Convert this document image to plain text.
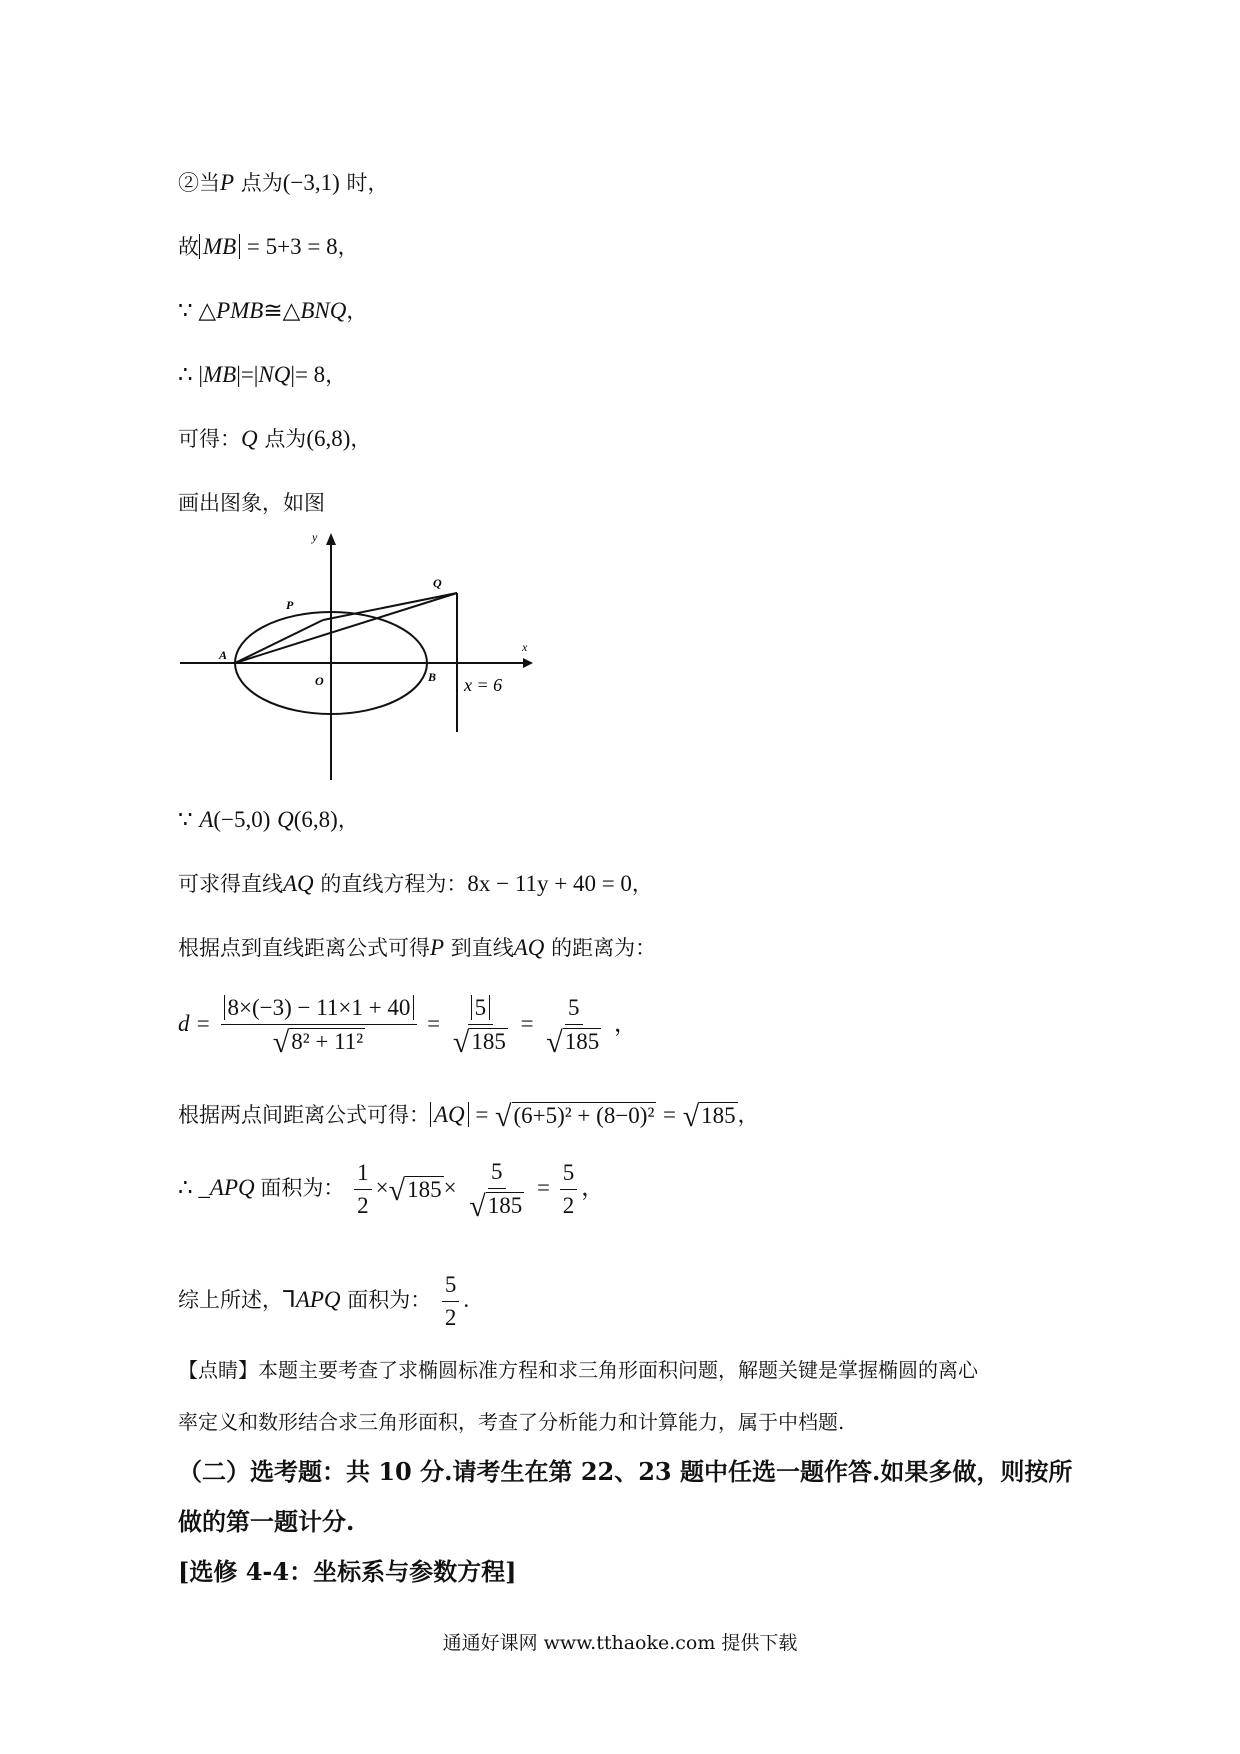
②当P 点为(−3,1) 时，
故 MB = 5+3 = 8，
∵ △PMB≅△BNQ，
∴ |MB|=|NQ|= 8，
可得：Q 点为(6,8)，
画出图象，如图
y
x
Q
P
A
O	B x = 6
∵ A(−5,0) Q(6,8)，
可求得直线AQ 的直线方程为：8x − 11y + 40 = 0，
根据点到直线距离公式可得P 到直线AQ 的距离为：
$d = \frac{8\times(-3) - 11\times 1 + 40}{\text{√8² + 11²}} = \frac{5}{√185} = \frac{5}{√185}$ ，
根据两点间距离公式可得： AQ = √(6+5)² + (8−0)² = √185，
∴ _APQ 面积为： $\frac{1}{2} \times√185\times \frac{5}{√185} = \frac{5}{2}$ ，
综上所述，⅂APQ 面积为： $\frac{5}{2}$ .
【点睛】本题主要考查了求椭圆标准方程和求三角形面积问题，解题关键是掌握椭圆的离心
率定义和数形结合求三角形面积，考查了分析能力和计算能力，属于中档题.
（二）选考题：共 10 分.请考生在第 22、23 题中任选一题作答.如果多做，则按所
做的第一题计分.
[选修 4-4：坐标系与参数方程]
通通好课网 www.tthaoke.com 提供下载
